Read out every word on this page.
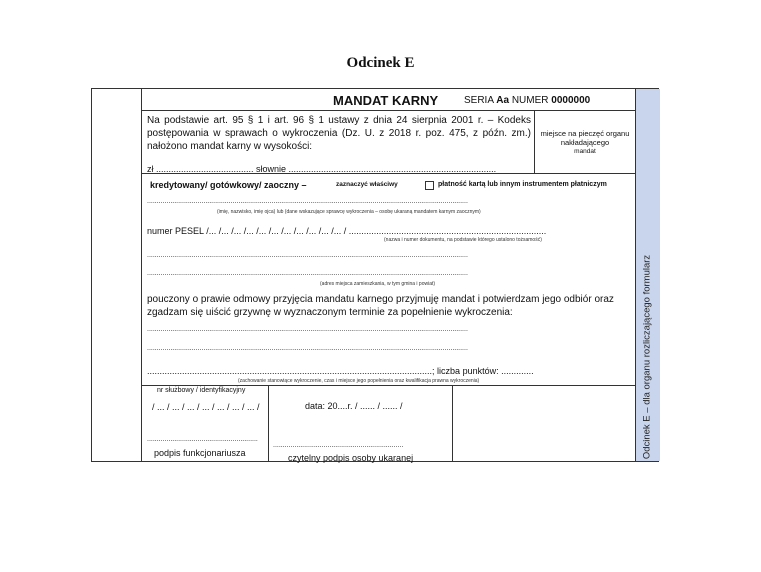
Odcinek E
Odcinek E – dla organu rozliczającego formularz
MANDAT KARNY	SERIA Aa NUMER 0000000
Na podstawie art. 95 § 1 i art. 96 § 1 ustawy z dnia 24 sierpnia 2001 r. – Kodeks postępowania w sprawach o wykroczenia (Dz. U. z 2018 r. poz. 475, z późn. zm.) nałożono mandat karny w wysokości:
zł ....................................... słownie ...................................................................................
miejsce na pieczęć organu nakładającego
mandat
kredytowany/ gotówkowy/ zaoczny –	zaznaczyć właściwy	płatność kartą lub innym instrumentem płatniczym
.....................................................................................................................................................................
(imię, nazwisko, imię ojca) lub (dane wskazujące sprawcę wykroczenia – osobę ukaraną mandatem karnym zaocznym)
numer PESEL /... /... /... /... /... /... /... /... /... /... /... / ...............................................................................
(nazwa i numer dokumentu, na podstawie którego ustalono tożsamość)
.....................................................................................................................................................................
.....................................................................................................................................................................
(adres miejsca zamieszkania, w tym gmina i powiat)
pouczony o prawie odmowy przyjęcia mandatu karnego przyjmuję mandat i potwierdzam jego odbiór oraz zgadzam się uiścić grzywnę w wyznaczonym terminie za popełnienie wykroczenia:
.....................................................................................................................................................................
.....................................................................................................................................................................
..................................................................................................................; liczba punktów: .............
(zachowanie stanowiące wykroczenie, czas i miejsce jego popełnienia oraz kwalifikacja prawna wykroczenia)
nr służbowy / identyfikacyjny
/ ... / ... / ... / ... / ... / ... / ... /
.........................................................
podpis funkcjonariusza
data: 20....r. / ...... / ...... /
...................................................................
czytelny podpis osoby ukaranej
